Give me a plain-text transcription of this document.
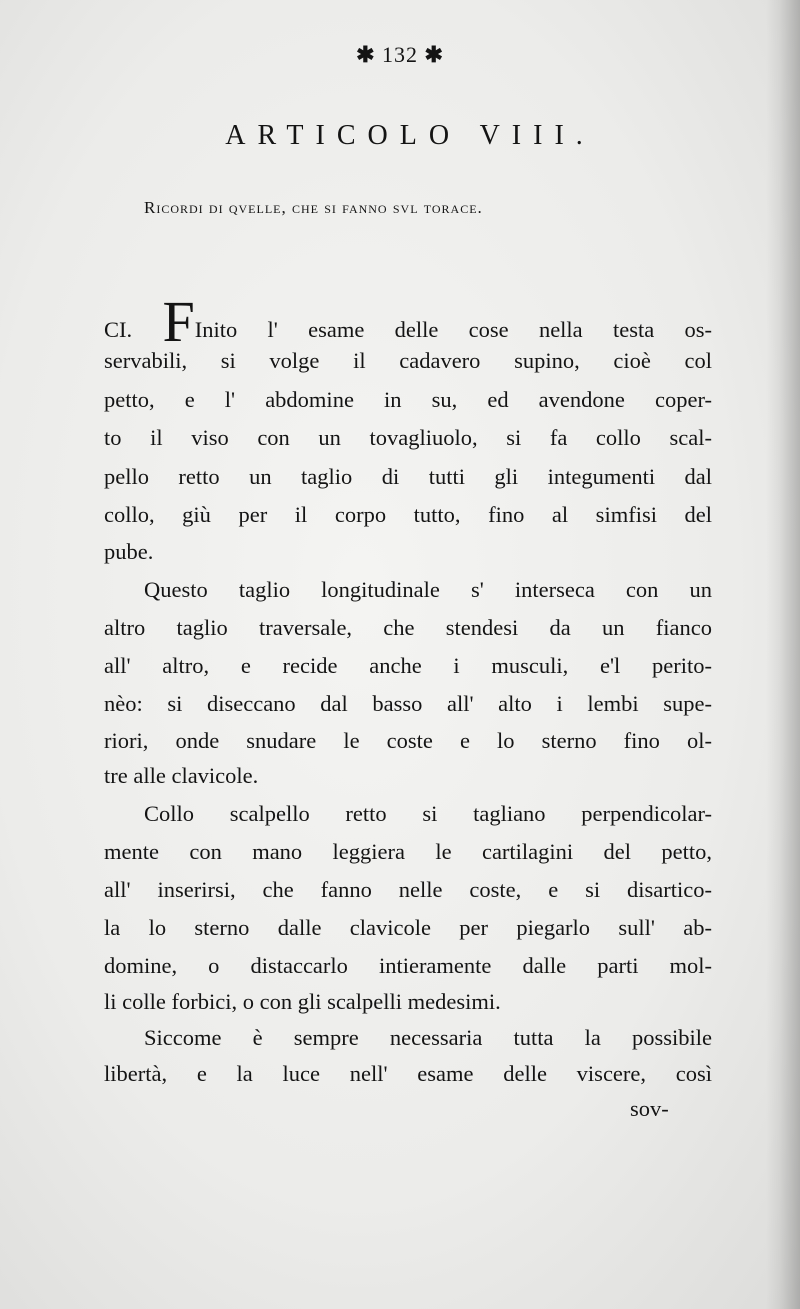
✱ 132 ✱
ARTICOLO VIII.
Ricordi di qvelle, che si fanno svl torace.
CI. FInito l' esame delle cose nella testa os-
servabili, si volge il cadavero supino, cioè col
petto, e l' abdomine in su, ed avendone coper-
to il viso con un tovagliuolo, si fa collo scal-
pello retto un taglio di tutti gli integumenti dal
collo, giù per il corpo tutto, fino al simfisi del
pube.
Questo taglio longitudinale s' interseca con un
altro taglio traversale, che stendesi da un fianco
all' altro, e recide anche i musculi, e'l perito-
nèo: si diseccano dal basso all' alto i lembi supe-
riori, onde snudare le coste e lo sterno fino ol-
tre alle clavicole.
Collo scalpello retto si tagliano perpendicolar-
mente con mano leggiera le cartilagini del petto,
all' inserirsi, che fanno nelle coste, e si disartico-
la lo sterno dalle clavicole per piegarlo sull' ab-
domine, o distaccarlo intieramente dalle parti mol-
li colle forbici, o con gli scalpelli medesimi.
Siccome è sempre necessaria tutta la possibile
libertà, e la luce nell' esame delle viscere, così
sov-
